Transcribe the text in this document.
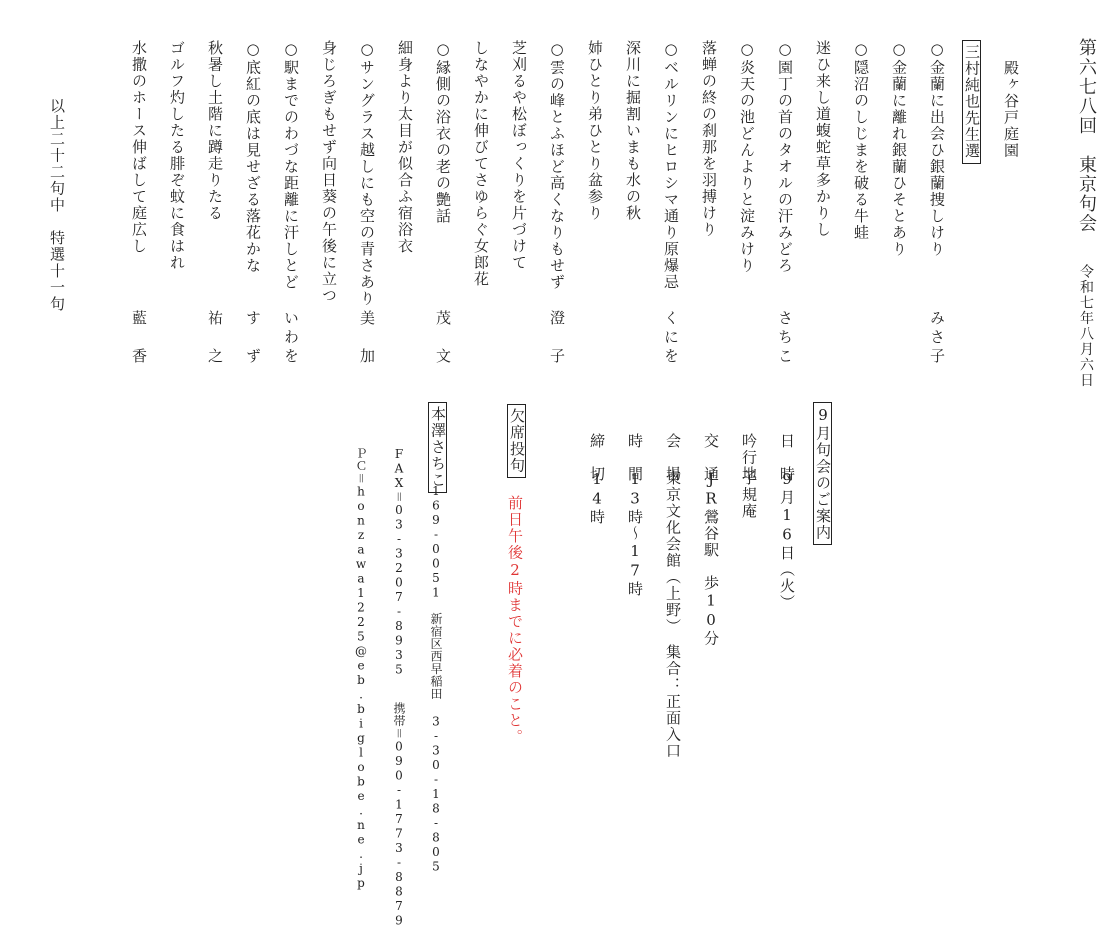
第六七八回　東京句会 令和七年八月六日
殿ヶ谷戸庭園
三村純也先生選
○金蘭に出会ひ銀蘭捜しけり
みさ子
○金蘭に離れ銀蘭ひそとあり
○隠沼のしじまを破る牛蛙
迷ひ来し道蝮蛇草多かりし
○園丁の首のタオルの汗みどろ
さちこ
○炎天の池どんよりと淀みけり
落蝉の終の刹那を羽搏けり
○ベルリンにヒロシマ通り原爆忌
くにを
深川に掘割いまも水の秋
姉ひとり弟ひとり盆参り
○雲の峰とふほど高くなりもせず
澄　子
芝刈るや松ぼっくりを片づけて
しなやかに伸びてさゆらぐ女郎花
○縁側の浴衣の老の艶話
茂　文
細身より太目が似合ふ宿浴衣
○サングラス越しにも空の青さあり
美　加
身じろぎもせず向日葵の午後に立つ
○駅までのわづな距離に汗しとど
いわを
○底紅の底は見せざる落花かな
す　ず
秋暑し土階に蹲走りたる
祐　之
ゴルフ灼したる腓ぞ蚊に食はれ
水撒のホース伸ばして庭広し
藍　香
以上二十二句中　特選十一句
9月句会のご案内
日　時
9月16日（火）
吟行地
子規庵
交　通
JR鶯谷駅　歩10分
会　場
東京文化会館（上野）　集合：正面入口
時　間
13時～17時
締　切
14時
欠席投句
前日午後2時までに必着のこと。
本澤さちこ
169-0051　新宿区西早稲田 3-30-18-805
FAX＝03-3207-8935　　携帯＝090-1773-8879
ＰＣ＝honzawa1225@eb.biglobe.ne.jp
